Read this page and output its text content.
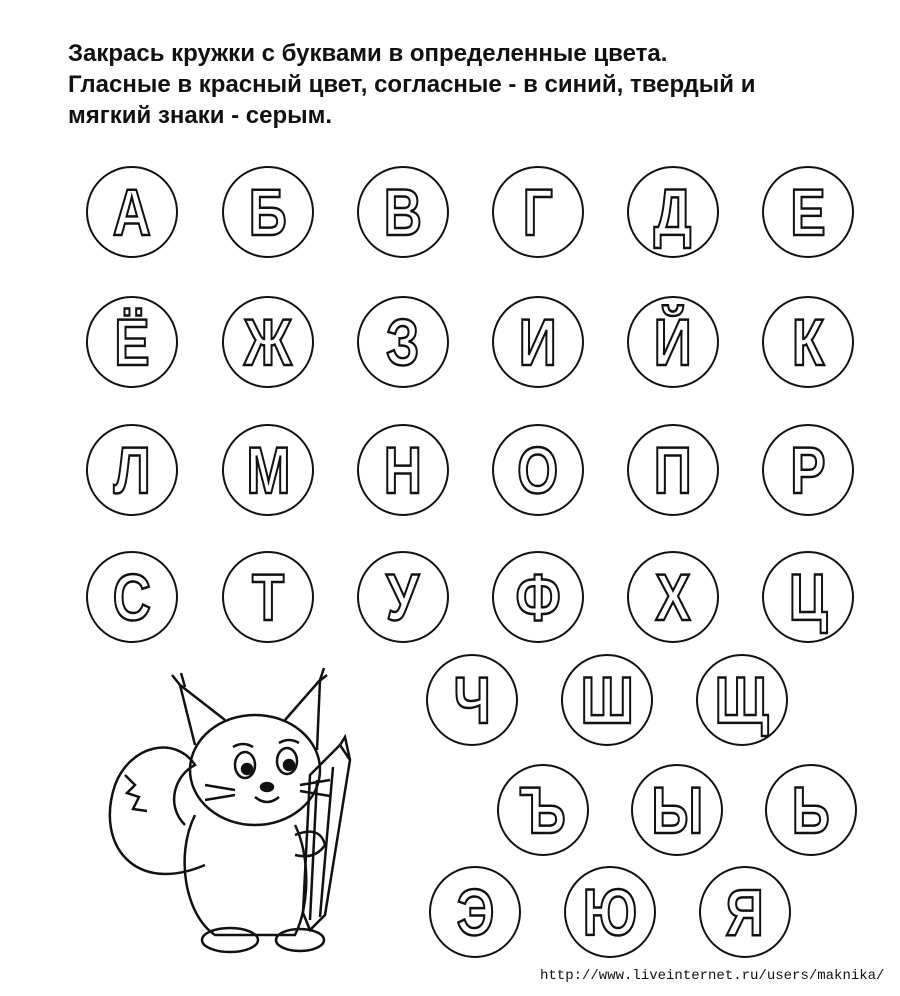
Закрась кружки с буквами в определенные цвета.
Гласные в красный цвет, согласные - в синий, твердый и
мягкий знаки - серым.
А Б В Г Д Е
Ё Ж З И Й К
Л М Н О П Р
С Т У Ф Х Ц
Ч Ш Щ
Ъ Ы Ь
Э Ю Я
http://www.liveinternet.ru/users/maknika/
